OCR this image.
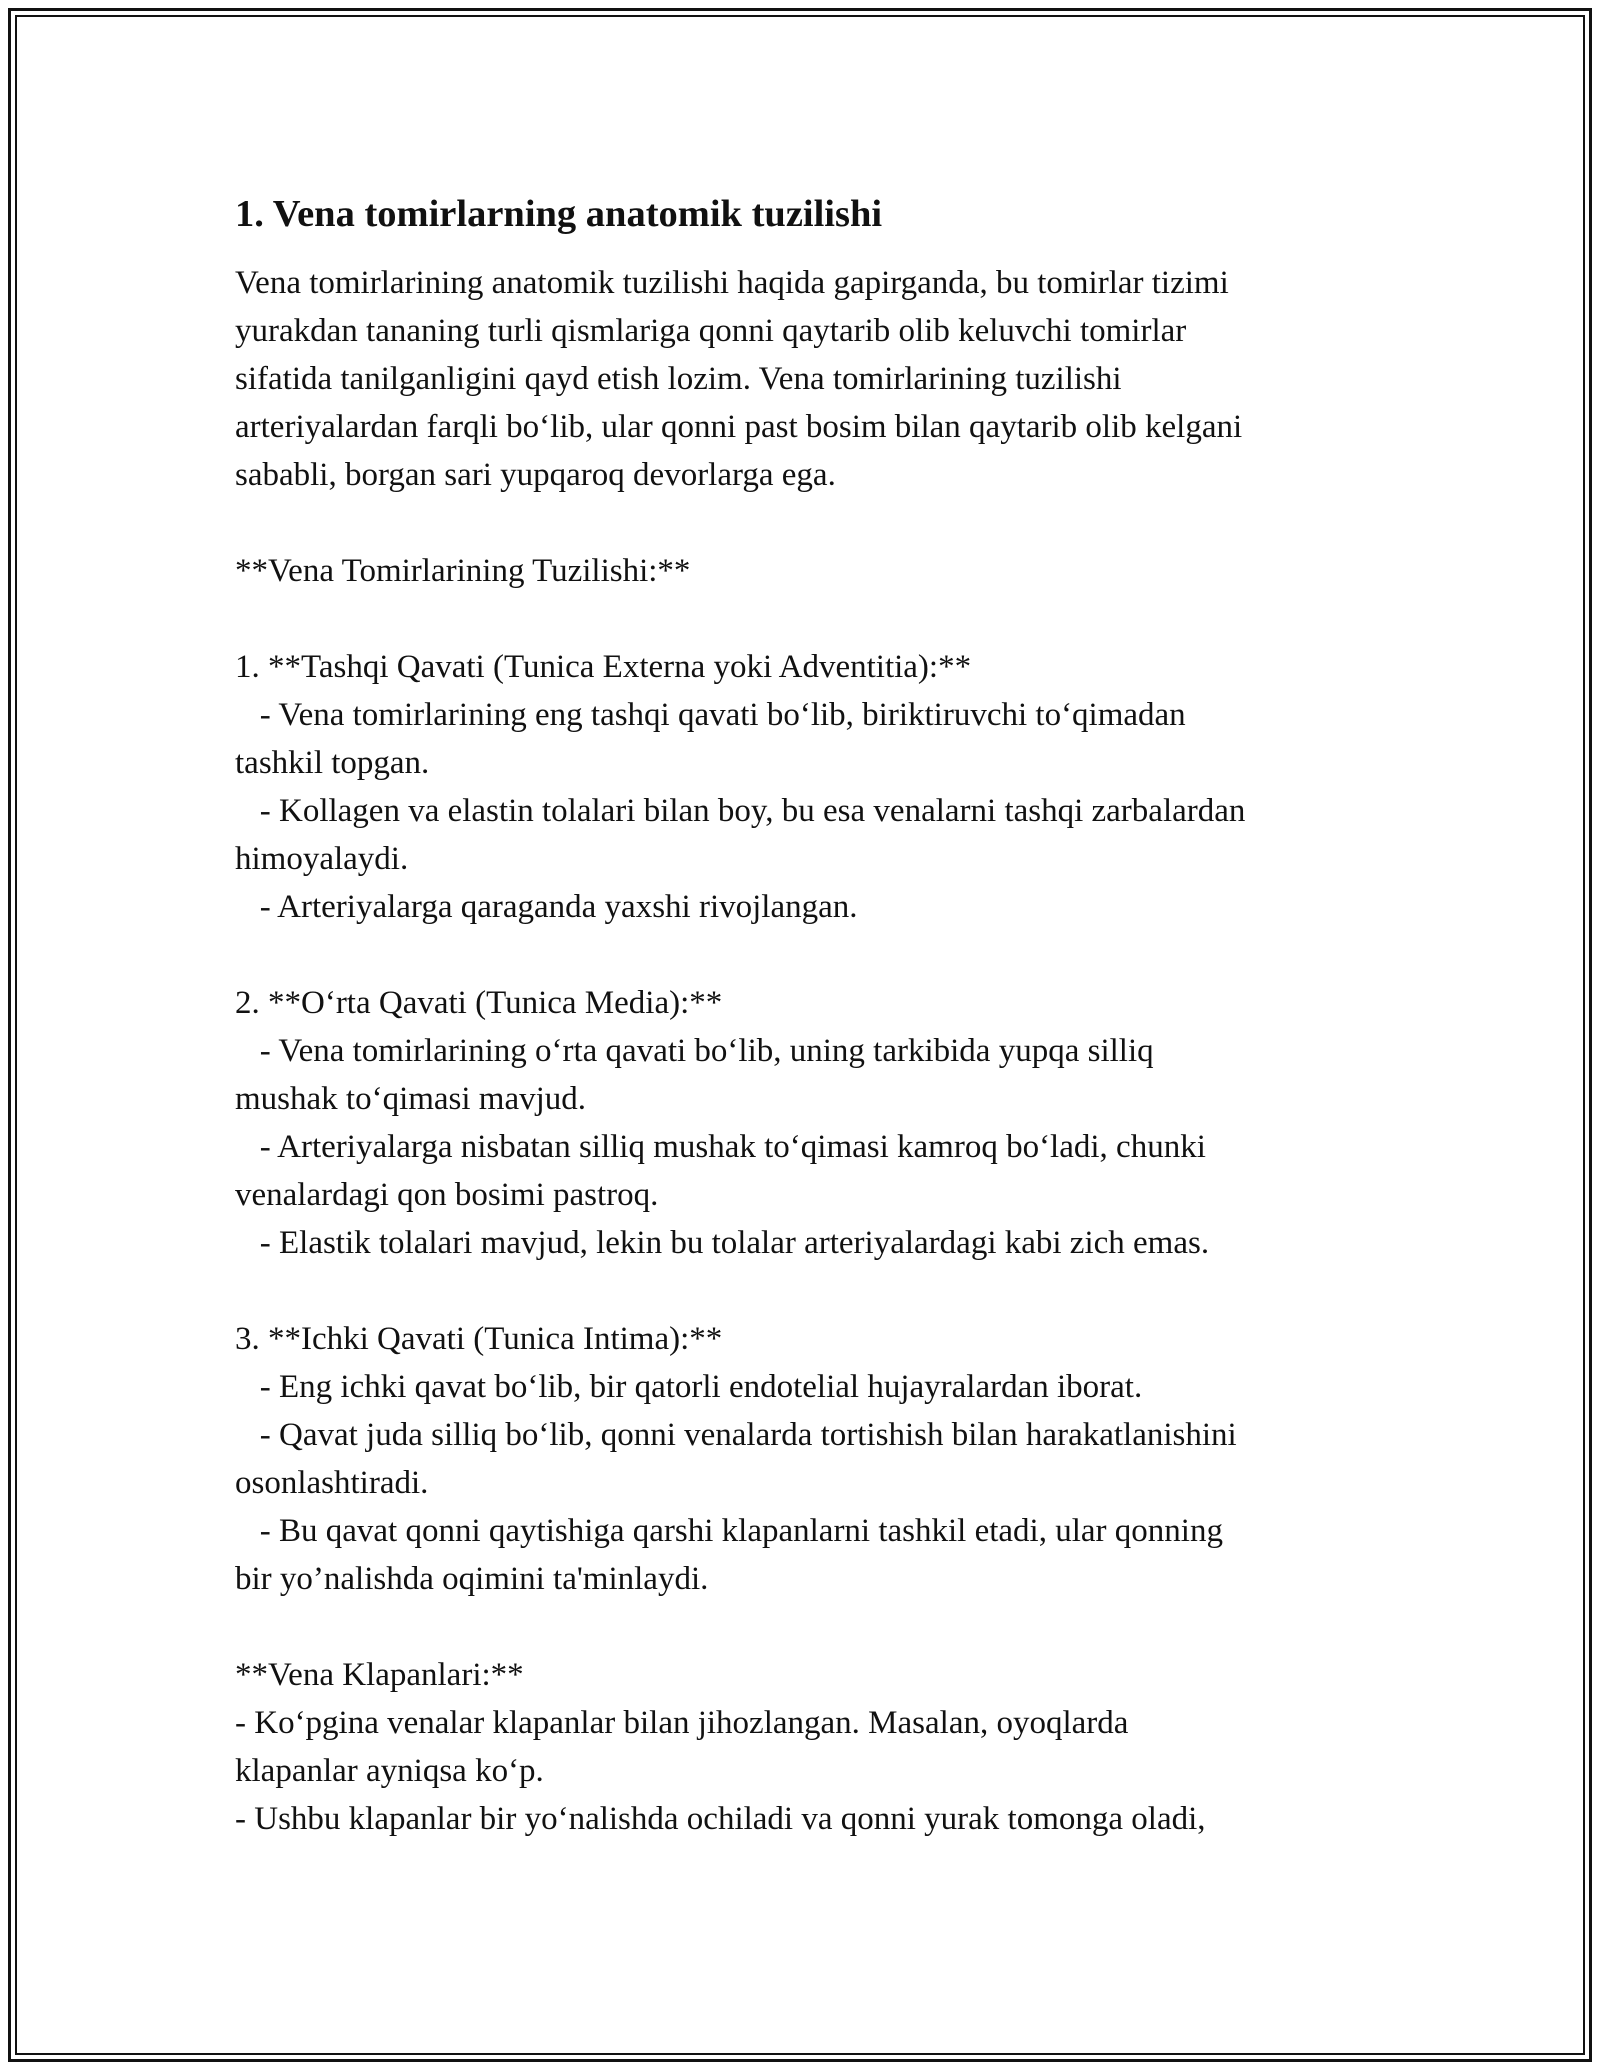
1. Vena tomirlarning anatomik tuzilishi
Vena tomirlarining anatomik tuzilishi haqida gapirganda, bu tomirlar tizimi
yurakdan tananing turli qismlariga qonni qaytarib olib keluvchi tomirlar
sifatida tanilganligini qayd etish lozim. Vena tomirlarining tuzilishi
arteriyalardan farqli bo‘lib, ular qonni past bosim bilan qaytarib olib kelgani
sababli, borgan sari yupqaroq devorlarga ega.
**Vena Tomirlarining Tuzilishi:**
1. **Tashqi Qavati (Tunica Externa yoki Adventitia):**
- Vena tomirlarining eng tashqi qavati bo‘lib, biriktiruvchi to‘qimadan
tashkil topgan.
- Kollagen va elastin tolalari bilan boy, bu esa venalarni tashqi zarbalardan
himoyalaydi.
- Arteriyalarga qaraganda yaxshi rivojlangan.
2. **O‘rta Qavati (Tunica Media):**
- Vena tomirlarining o‘rta qavati bo‘lib, uning tarkibida yupqa silliq
mushak to‘qimasi mavjud.
- Arteriyalarga nisbatan silliq mushak to‘qimasi kamroq bo‘ladi, chunki
venalardagi qon bosimi pastroq.
- Elastik tolalari mavjud, lekin bu tolalar arteriyalardagi kabi zich emas.
3. **Ichki Qavati (Tunica Intima):**
- Eng ichki qavat bo‘lib, bir qatorli endotelial hujayralardan iborat.
- Qavat juda silliq bo‘lib, qonni venalarda tortishish bilan harakatlanishini
osonlashtiradi.
- Bu qavat qonni qaytishiga qarshi klapanlarni tashkil etadi, ular qonning
bir yo’nalishda oqimini ta'minlaydi.
**Vena Klapanlari:**
- Ko‘pgina venalar klapanlar bilan jihozlangan. Masalan, oyoqlarda
klapanlar ayniqsa ko‘p.
- Ushbu klapanlar bir yo‘nalishda ochiladi va qonni yurak tomonga oladi,
